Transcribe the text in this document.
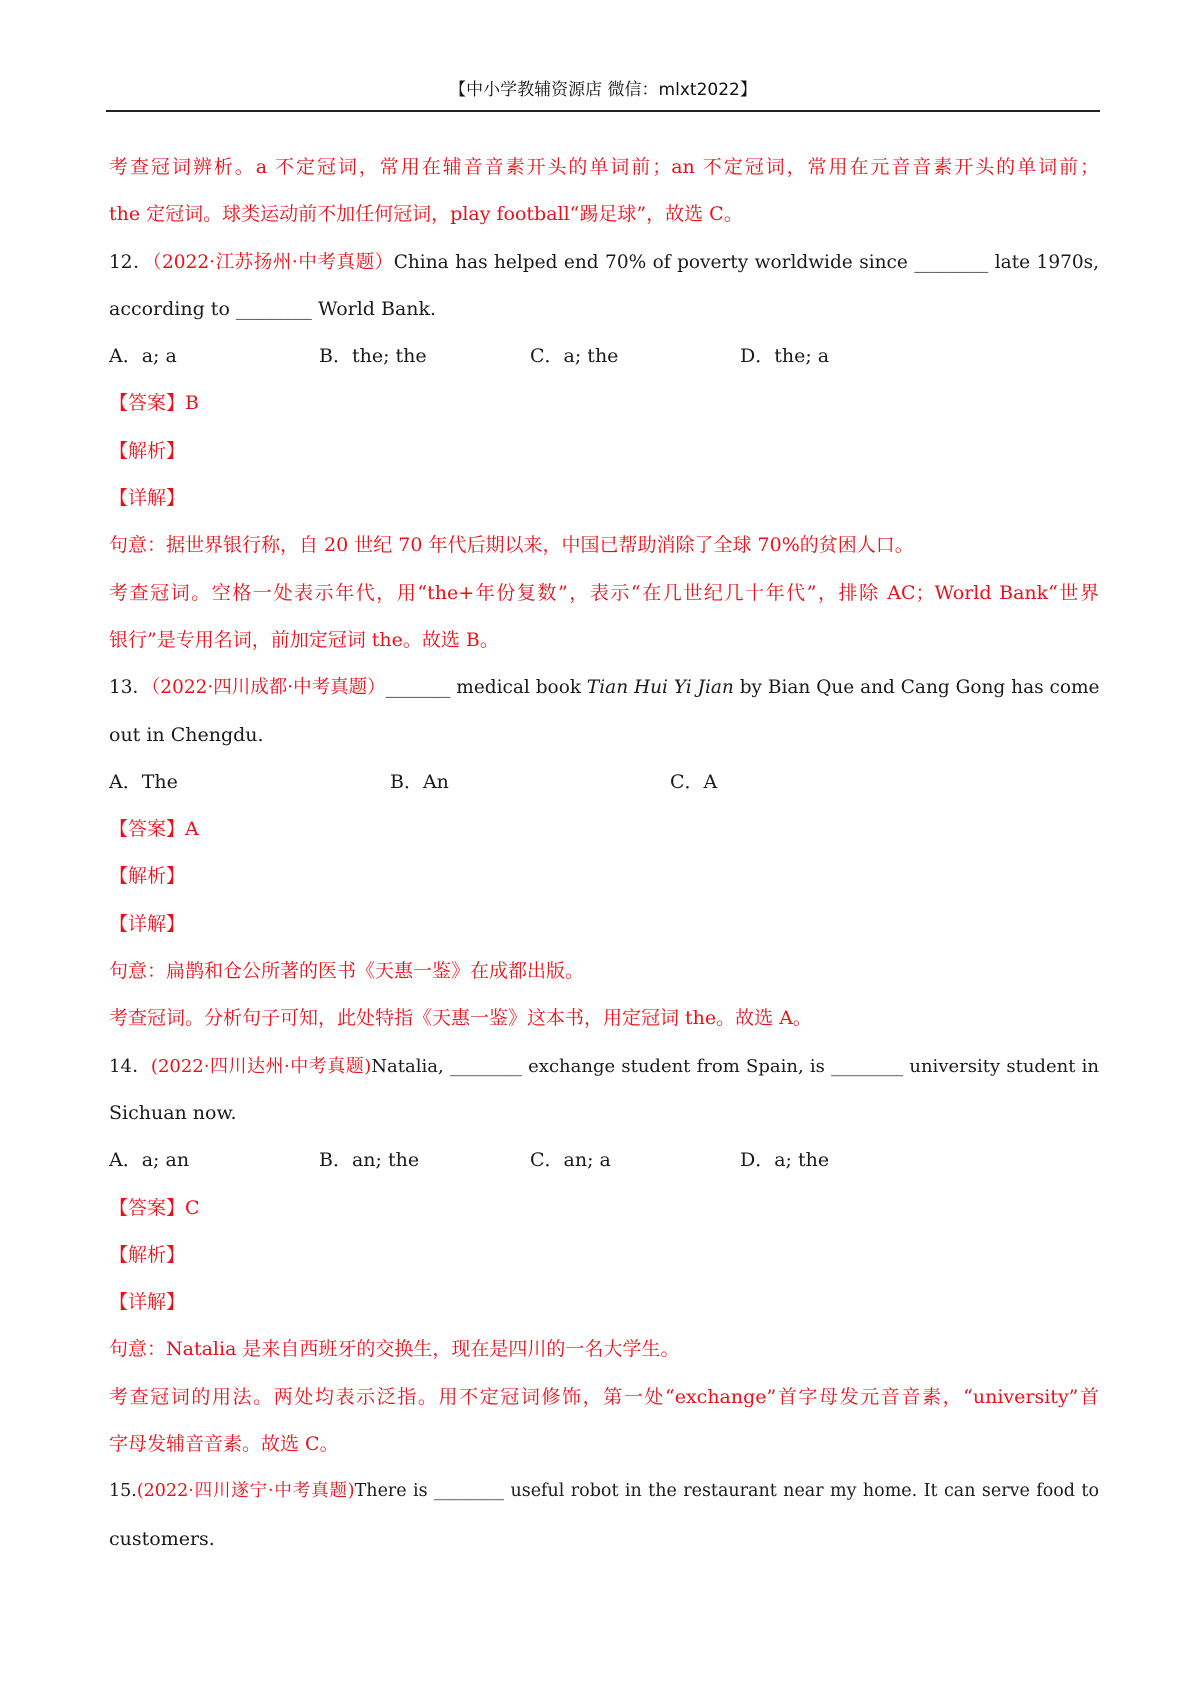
【中小学教辅资源店 微信：mlxt2022】
考查冠词辨析。a 不定冠词，常用在辅音音素开头的单词前；an 不定冠词，常用在元音音素开头的单词前；
the 定冠词。球类运动前不加任何冠词，play football“踢足球”，故选 C。
12．（2022·江苏扬州·中考真题）China has helped end 70% of poverty worldwide since ________ late 1970s,
according to ________ World Bank.
A．a; a	B．the; the	C．a; the	D．the; a
【答案】B
【解析】
【详解】
句意：据世界银行称，自 20 世纪 70 年代后期以来，中国已帮助消除了全球 70%的贫困人口。
考查冠词。空格一处表示年代，用“the+年份复数”，表示“在几世纪几十年代”，排除 AC；World Bank“世界
银行”是专用名词，前加定冠词 the。故选 B。
13．（2022·四川成都·中考真题）_______ medical book Tian Hui Yi Jian by Bian Que and Cang Gong has come
out in Chengdu.
A．The	B．An	C．A
【答案】A
【解析】
【详解】
句意：扁鹊和仓公所著的医书《天惠一鉴》在成都出版。
考查冠词。分析句子可知，此处特指《天惠一鉴》这本书，用定冠词 the。故选 A。
14．(2022·四川达州·中考真题)Natalia, ________ exchange student from Spain, is ________ university student in
Sichuan now.
A．a; an	B．an; the	C．an; a	D．a; the
【答案】C
【解析】
【详解】
句意：Natalia 是来自西班牙的交换生，现在是四川的一名大学生。
考查冠词的用法。两处均表示泛指。用不定冠词修饰，第一处“exchange”首字母发元音音素，“university”首
字母发辅音音素。故选 C。
15.(2022·四川遂宁·中考真题)There is ________ useful robot in the restaurant near my home. It can serve food to
customers.
